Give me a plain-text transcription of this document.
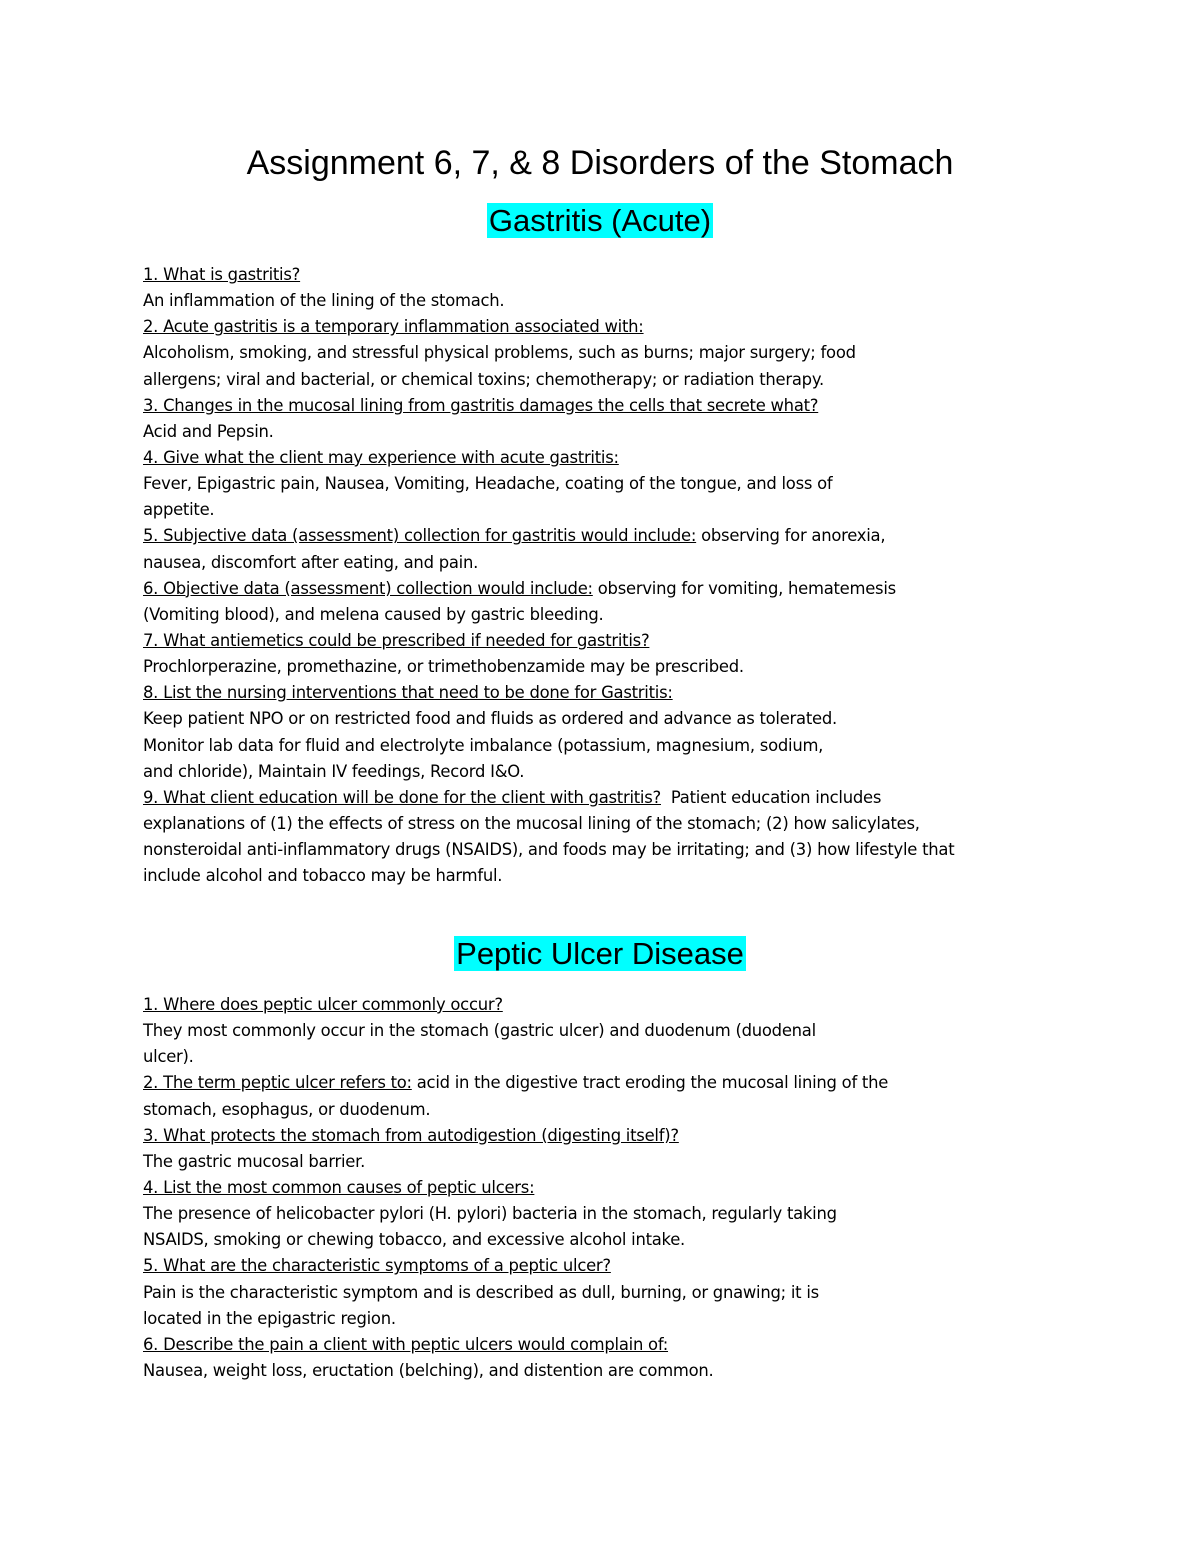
Assignment 6, 7, & 8 Disorders of the Stomach
Gastritis (Acute)
1. What is gastritis?
An inflammation of the lining of the stomach.
2. Acute gastritis is a temporary inflammation associated with:
Alcoholism, smoking, and stressful physical problems, such as burns; major surgery; food
allergens; viral and bacterial, or chemical toxins; chemotherapy; or radiation therapy.
3. Changes in the mucosal lining from gastritis damages the cells that secrete what?
Acid and Pepsin.
4. Give what the client may experience with acute gastritis:
Fever, Epigastric pain, Nausea, Vomiting, Headache, coating of the tongue, and loss of
appetite.
5. Subjective data (assessment) collection for gastritis would include: observing for anorexia,
nausea, discomfort after eating, and pain.
6. Objective data (assessment) collection would include: observing for vomiting, hematemesis
(Vomiting blood), and melena caused by gastric bleeding.
7. What antiemetics could be prescribed if needed for gastritis?
Prochlorperazine, promethazine, or trimethobenzamide may be prescribed.
8. List the nursing interventions that need to be done for Gastritis:
Keep patient NPO or on restricted food and fluids as ordered and advance as tolerated.
Monitor lab data for fluid and electrolyte imbalance (potassium, magnesium, sodium,
and chloride), Maintain IV feedings, Record I&O.
9. What client education will be done for the client with gastritis?  Patient education includes
explanations of (1) the effects of stress on the mucosal lining of the stomach; (2) how salicylates,
nonsteroidal anti-inflammatory drugs (NSAIDS), and foods may be irritating; and (3) how lifestyle that
include alcohol and tobacco may be harmful.
Peptic Ulcer Disease
1. Where does peptic ulcer commonly occur?
They most commonly occur in the stomach (gastric ulcer) and duodenum (duodenal
ulcer).
2. The term peptic ulcer refers to: acid in the digestive tract eroding the mucosal lining of the
stomach, esophagus, or duodenum.
3. What protects the stomach from autodigestion (digesting itself)?
The gastric mucosal barrier.
4. List the most common causes of peptic ulcers:
The presence of helicobacter pylori (H. pylori) bacteria in the stomach, regularly taking
NSAIDS, smoking or chewing tobacco, and excessive alcohol intake.
5. What are the characteristic symptoms of a peptic ulcer?
Pain is the characteristic symptom and is described as dull, burning, or gnawing; it is
located in the epigastric region.
6. Describe the pain a client with peptic ulcers would complain of:
Nausea, weight loss, eructation (belching), and distention are common.
